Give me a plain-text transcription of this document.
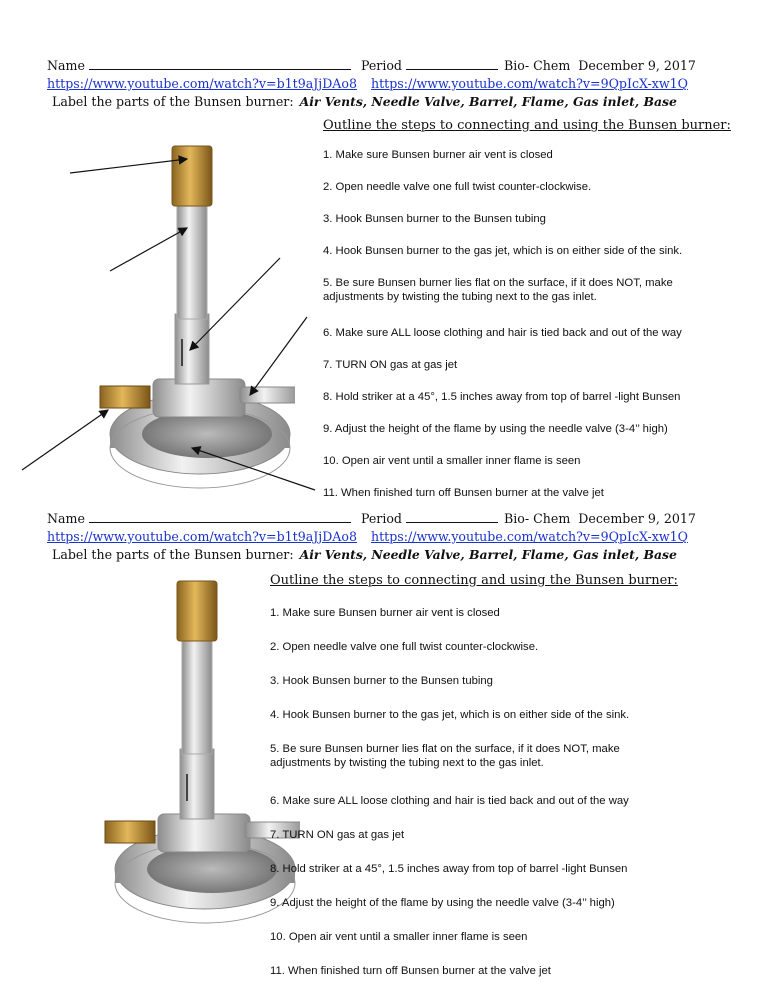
Name	Period	Bio- Chem December 9, 2017
https://www.youtube.com/watch?v=b1t9aJjDAo8 https://www.youtube.com/watch?v=9QpIcX-xw1Q
Label the parts of the Bunsen burner: Air Vents, Needle Valve, Barrel, Flame, Gas inlet, Base
Outline the steps to connecting and using the Bunsen burner:
1. Make sure Bunsen burner air vent is closed
2. Open needle valve one full twist counter-clockwise.
3. Hook Bunsen burner to the Bunsen tubing
4. Hook Bunsen burner to the gas jet, which is on either side of the sink.
5. Be sure Bunsen burner lies flat on the surface, if it does NOT, make adjustments by twisting the tubing next to the gas inlet.
6. Make sure ALL loose clothing and hair is tied back and out of the way
7. TURN ON gas at gas jet
8. Hold striker at a 45°, 1.5 inches away from top of barrel -light Bunsen
9. Adjust the height of the flame by using the needle valve (3-4’’ high)
10. Open air vent until a smaller inner flame is seen
11. When finished turn off Bunsen burner at the valve jet
Name	Period	Bio- Chem December 9, 2017
https://www.youtube.com/watch?v=b1t9aJjDAo8 https://www.youtube.com/watch?v=9QpIcX-xw1Q
Label the parts of the Bunsen burner: Air Vents, Needle Valve, Barrel, Flame, Gas inlet, Base
Outline the steps to connecting and using the Bunsen burner:
1. Make sure Bunsen burner air vent is closed
2. Open needle valve one full twist counter-clockwise.
3. Hook Bunsen burner to the Bunsen tubing
4. Hook Bunsen burner to the gas jet, which is on either side of the sink.
5. Be sure Bunsen burner lies flat on the surface, if it does NOT, make adjustments by twisting the tubing next to the gas inlet.
6. Make sure ALL loose clothing and hair is tied back and out of the way
7. TURN ON gas at gas jet
8. Hold striker at a 45°, 1.5 inches away from top of barrel -light Bunsen
9. Adjust the height of the flame by using the needle valve (3-4’’ high)
10. Open air vent until a smaller inner flame is seen
11. When finished turn off Bunsen burner at the valve jet
